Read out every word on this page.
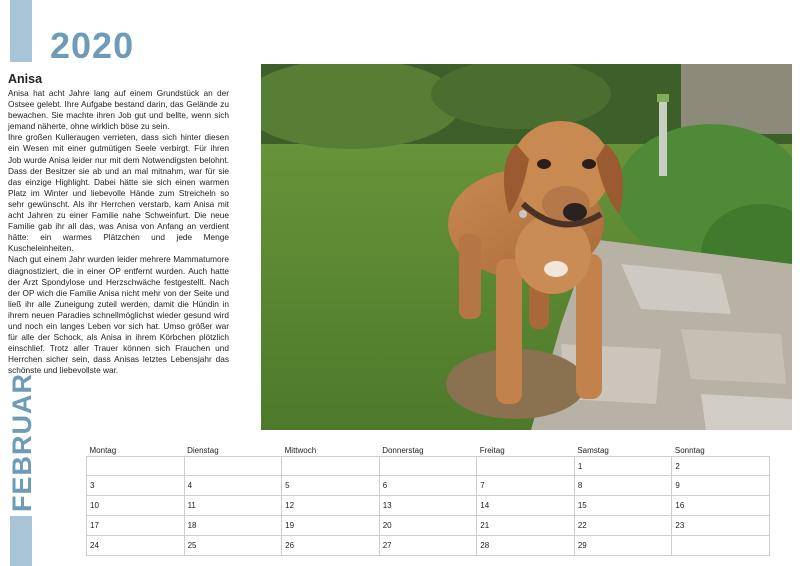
2020
FEBRUAR
Anisa

Anisa hat acht Jahre lang auf einem Grundstück an der Ostsee gelebt. Ihre Aufgabe bestand darin, das Gelände zu bewachen. Sie machte ihren Job gut und bellte, wenn sich jemand näherte, ohne wirklich böse zu sein.

Ihre großen Kulleraugen verrieten, dass sich hinter diesen ein Wesen mit einer gutmütigen Seele verbirgt. Für ihren Job wurde Anisa leider nur mit dem Notwendigsten belohnt. Dass der Besitzer sie ab und an mal mitnahm, war für sie das einzige Highlight. Dabei hätte sie sich einen warmen Platz im Winter und liebevolle Hände zum Streicheln so sehr gewünscht. Als ihr Herrchen verstarb, kam Anisa mit acht Jahren zu einer Familie nahe Schweinfurt. Die neue Familie gab ihr all das, was Anisa von Anfang an verdient hätte: ein warmes Plätzchen und jede Menge Kuscheleinheiten.

Nach gut einem Jahr wurden leider mehrere Mammatumore diagnostiziert, die in einer OP entfernt wurden. Auch hatte der Arzt Spondylose und Herzschwäche festgestellt. Nach der OP wich die Familie Anisa nicht mehr von der Seite und ließ ihr alle Zuneigung zuteil werden, damit die Hündin in ihrem neuen Paradies schnellmöglichst wieder gesund wird und noch ein langes Leben vor sich hat. Umso größer war für alle der Schock, als Anisa in ihrem Körbchen plötzlich einschlief. Trotz aller Trauer können sich Frauchen und Herrchen sicher sein, dass Anisas letztes Lebensjahr das schönste und liebevollste war.

Montag	Dienstag	Mittwoch	Donnerstag	Freitag	Samstag	Sonntag
					1	2
3	4	5	6	7	8	9
10	11	12	13	14	15	16
17	18	19	20	21	22	23
24	25	26	27	28	29	
